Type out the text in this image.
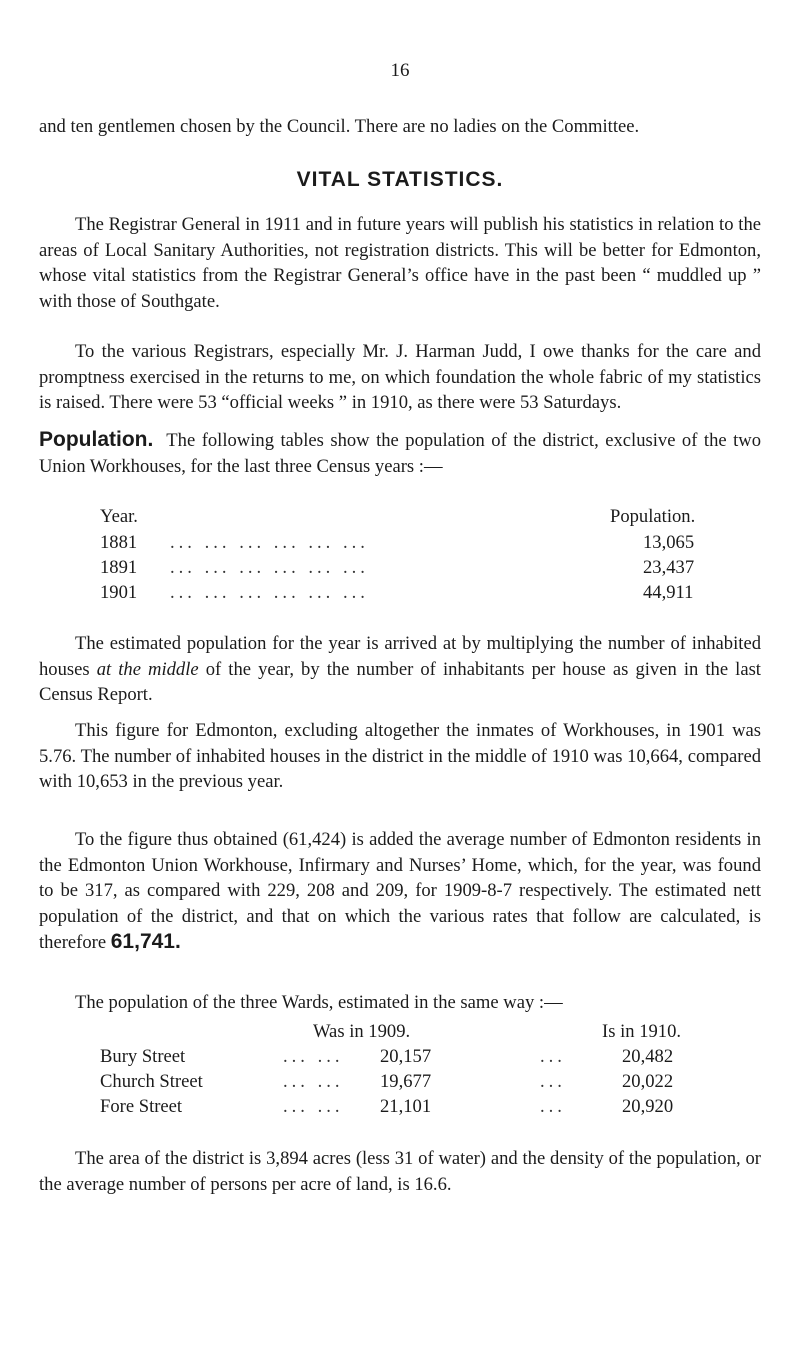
16

and ten gentlemen chosen by the Council. There are no ladies on the Committee.

VITAL STATISTICS.

The Registrar General in 1911 and in future years will publish his statistics in relation to the areas of Local Sanitary Authorities, not registration districts. This will be better for Edmonton, whose vital statistics from the Registrar General’s office have in the past been “ muddled up ” with those of Southgate.

To the various Registrars, especially Mr. J. Harman Judd, I owe thanks for the care and promptness exercised in the returns to me, on which foundation the whole fabric of my statistics is raised. There were 53 “official weeks ” in 1910, as there were 53 Saturdays.

Population. The following tables show the population of the district, exclusive of the two Union Workhouses, for the last three Census years :—

Year.	Population.
1881 ... ... ... ... ... ...	13,065
1891 ... ... ... ... ... ...	23,437
1901 ... ... ... ... ... ...	44,911

The estimated population for the year is arrived at by multiplying the number of inhabited houses at the middle of the year, by the number of inhabitants per house as given in the last Census Report.

This figure for Edmonton, excluding altogether the inmates of Workhouses, in 1901 was 5.76. The number of inhabited houses in the district in the middle of 1910 was 10,664, compared with 10,653 in the previous year.

To the figure thus obtained (61,424) is added the average number of Edmonton residents in the Edmonton Union Workhouse, Infirmary and Nurses’ Home, which, for the year, was found to be 317, as compared with 229, 208 and 209, for 1909-8-7 respectively. The estimated nett population of the district, and that on which the various rates that follow are calculated, is therefore 61,741.

The population of the three Wards, estimated in the same way :—

Was in 1909.	Is in 1910.
Bury Street	... ... 20,157	...	20,482
Church Street	... ... 19,677	...	20,022
Fore Street	... ... 21,101	...	20,920

The area of the district is 3,894 acres (less 31 of water) and the density of the population, or the average number of persons per acre of land, is 16.6.
